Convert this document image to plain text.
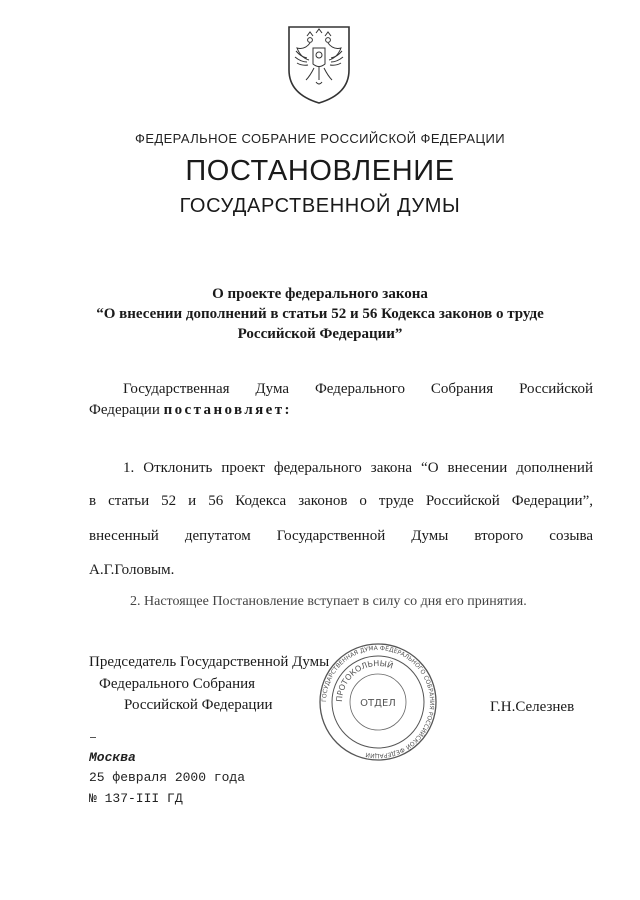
ФЕДЕРАЛЬНОЕ СОБРАНИЕ РОССИЙСКОЙ ФЕДЕРАЦИИ
ПОСТАНОВЛЕНИЕ
ГОСУДАРСТВЕННОЙ ДУМЫ
О проекте федерального закона
“О внесении дополнений в статьи 52 и 56 Кодекса законов о труде
Российской Федерации”
Государственная Дума Федерального Собрания Российской
Федерации постановляет:
1. Отклонить проект федерального закона “О внесении дополнений
в статьи 52 и 56 Кодекса законов о труде Российской Федерации”,
внесенный депутатом Государственной Думы второго созыва
А.Г.Головым.
2. Настоящее Постановление вступает в силу со дня его принятия.
Председатель Государственной Думы
Федерального Собрания
Российской Федерации	Г.Н.Селезнев
ГОСУДАРСТВЕННАЯ ДУМА ФЕДЕРАЛЬНОГО СОБРАНИЯ РОССИЙСКОЙ ФЕДЕРАЦИИ
ПРОТОКОЛЬНЫЙ
ОТДЕЛ
Москва
25 февраля 2000 года
№ 137-III ГД
